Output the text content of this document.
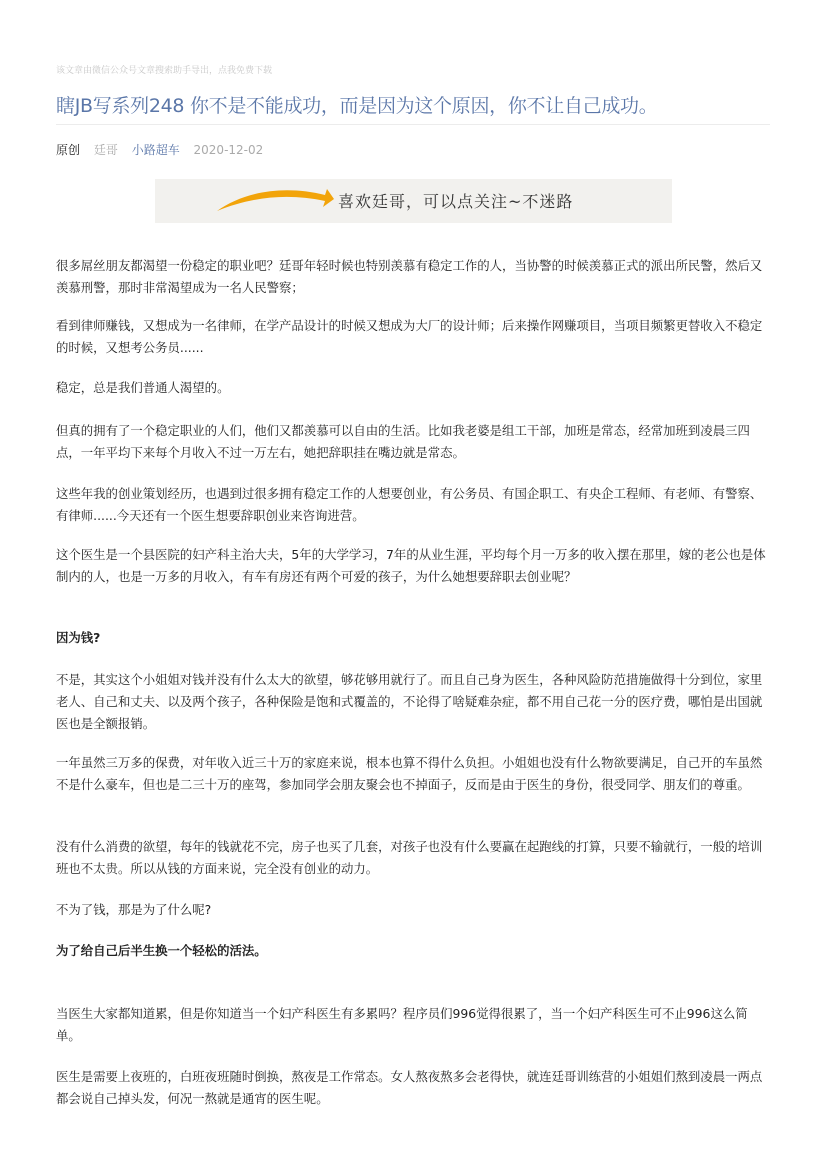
该文章由微信公众号文章搜索助手导出，点我免费下载
瞎JB写系列248 你不是不能成功，而是因为这个原因，你不让自己成功。
原创 廷哥 小路超车 2020-12-02
喜欢廷哥，可以点关注~不迷路

很多屌丝朋友都渴望一份稳定的职业吧？廷哥年轻时候也特别羡慕有稳定工作的人，当协警的时候羡慕正式的派出所民警，然后又羡慕刑警，那时非常渴望成为一名人民警察；

看到律师赚钱，又想成为一名律师，在学产品设计的时候又想成为大厂的设计师；后来操作网赚项目，当项目频繁更替收入不稳定的时候，又想考公务员......

稳定，总是我们普通人渴望的。

但真的拥有了一个稳定职业的人们，他们又都羡慕可以自由的生活。比如我老婆是组工干部，加班是常态，经常加班到凌晨三四点，一年平均下来每个月收入不过一万左右，她把辞职挂在嘴边就是常态。

这些年我的创业策划经历，也遇到过很多拥有稳定工作的人想要创业，有公务员、有国企职工、有央企工程师、有老师、有警察、有律师......今天还有一个医生想要辞职创业来咨询进营。

这个医生是一个县医院的妇产科主治大夫，5年的大学学习，7年的从业生涯，平均每个月一万多的收入摆在那里，嫁的老公也是体制内的人，也是一万多的月收入，有车有房还有两个可爱的孩子，为什么她想要辞职去创业呢？

因为钱?

不是，其实这个小姐姐对钱并没有什么太大的欲望，够花够用就行了。而且自己身为医生，各种风险防范措施做得十分到位，家里老人、自己和丈夫、以及两个孩子，各种保险是饱和式覆盖的，不论得了啥疑难杂症，都不用自己花一分的医疗费，哪怕是出国就医也是全额报销。

一年虽然三万多的保费，对年收入近三十万的家庭来说，根本也算不得什么负担。小姐姐也没有什么物欲要满足，自己开的车虽然不是什么豪车，但也是二三十万的座驾，参加同学会朋友聚会也不掉面子，反而是由于医生的身份，很受同学、朋友们的尊重。

没有什么消费的欲望，每年的钱就花不完，房子也买了几套，对孩子也没有什么要赢在起跑线的打算，只要不输就行，一般的培训班也不太贵。所以从钱的方面来说，完全没有创业的动力。

不为了钱，那是为了什么呢?

为了给自己后半生换一个轻松的活法。

当医生大家都知道累，但是你知道当一个妇产科医生有多累吗？程序员们996觉得很累了，当一个妇产科医生可不止996这么简单。

医生是需要上夜班的，白班夜班随时倒换，熬夜是工作常态。女人熬夜熬多会老得快，就连廷哥训练营的小姐姐们熬到凌晨一两点都会说自己掉头发，何况一熬就是通宵的医生呢。
